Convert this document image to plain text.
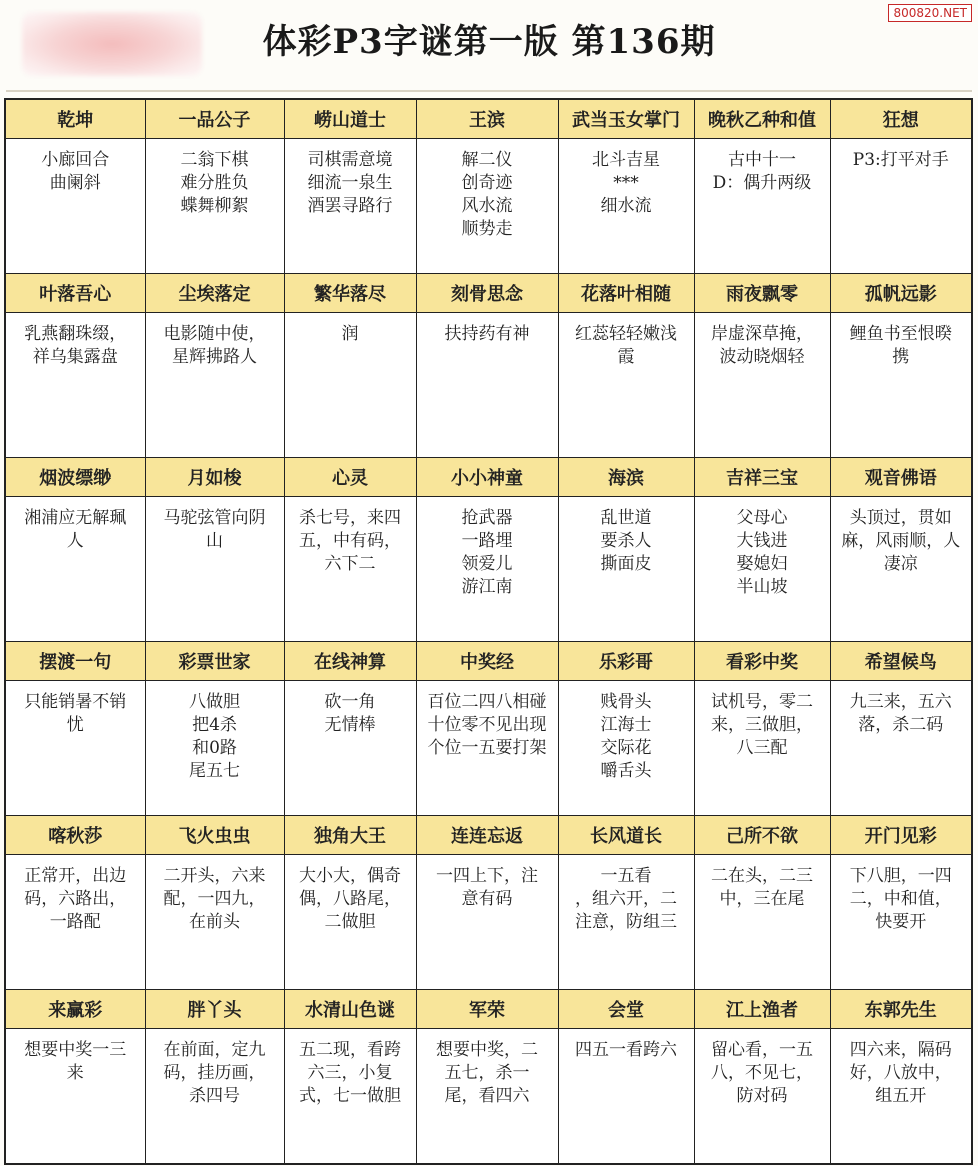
体彩P3字谜第一版 第136期
800820.NET
乾坤	一品公子	崂山道士	王滨	武当玉女掌门	晚秋乙种和值	狂想

小廊回合
曲阑斜	二翁下棋
难分胜负
蝶舞柳絮	司棋需意境
细流一泉生
酒罢寻路行	解二仪
创奇迹
风水流
顺势走	北斗吉星
***
细水流	古中十一
D：偶升两级	P3:打平对手

叶落吾心	尘埃落定	繁华落尽	刻骨思念	花落叶相随	雨夜飘零	孤帆远影

乳燕翻珠缀，
祥乌集露盘	电影随中使，
星辉拂路人	润	扶持药有神	红蕊轻轻嫩浅
霞	岸虚深草掩，
波动晓烟轻	鲤鱼书至恨暌
携

烟波缥缈	月如梭	心灵	小小神童	海滨	吉祥三宝	观音佛语

湘浦应无解珮
人	马驼弦管向阴
山	杀七号，来四
五，中有码，
六下二	抢武器
一路埋
领爱儿
游江南	乱世道
要杀人
撕面皮	父母心
大钱进
娶媳妇
半山坡	头顶过，贯如
麻，风雨顺，人
凄凉

摆渡一句	彩票世家	在线神算	中奖经	乐彩哥	看彩中奖	希望候鸟

只能销暑不销
忧	八做胆
把4杀
和0路
尾五七	砍一角
无情棒	百位二四八相碰
十位零不见出现
个位一五要打架	贱骨头
江海士
交际花
嚼舌头	试机号，零二
来，三做胆，
八三配	九三来，五六
落，杀二码

喀秋莎	飞火虫虫	独角大王	连连忘返	长风道长	己所不欲	开门见彩

正常开，出边
码，六路出，
一路配	二开头，六来
配，一四九，
在前头	大小大，偶奇
偶，八路尾，
二做胆	一四上下，注
意有码	一五看
，组六开，二
注意，防组三	二在头，二三
中，三在尾	下八胆，一四
二，中和值，
快要开

来赢彩	胖丫头	水清山色谜	军荣	会堂	江上渔者	东郭先生

想要中奖一三
来	在前面，定九
码，挂历画，
杀四号	五二现，看跨
六三，小复
式，七一做胆	想要中奖，二
五七，杀一
尾，看四六	四五一看跨六	留心看，一五
八，不见七，
防对码	四六来，隔码
好，八放中，
组五开
